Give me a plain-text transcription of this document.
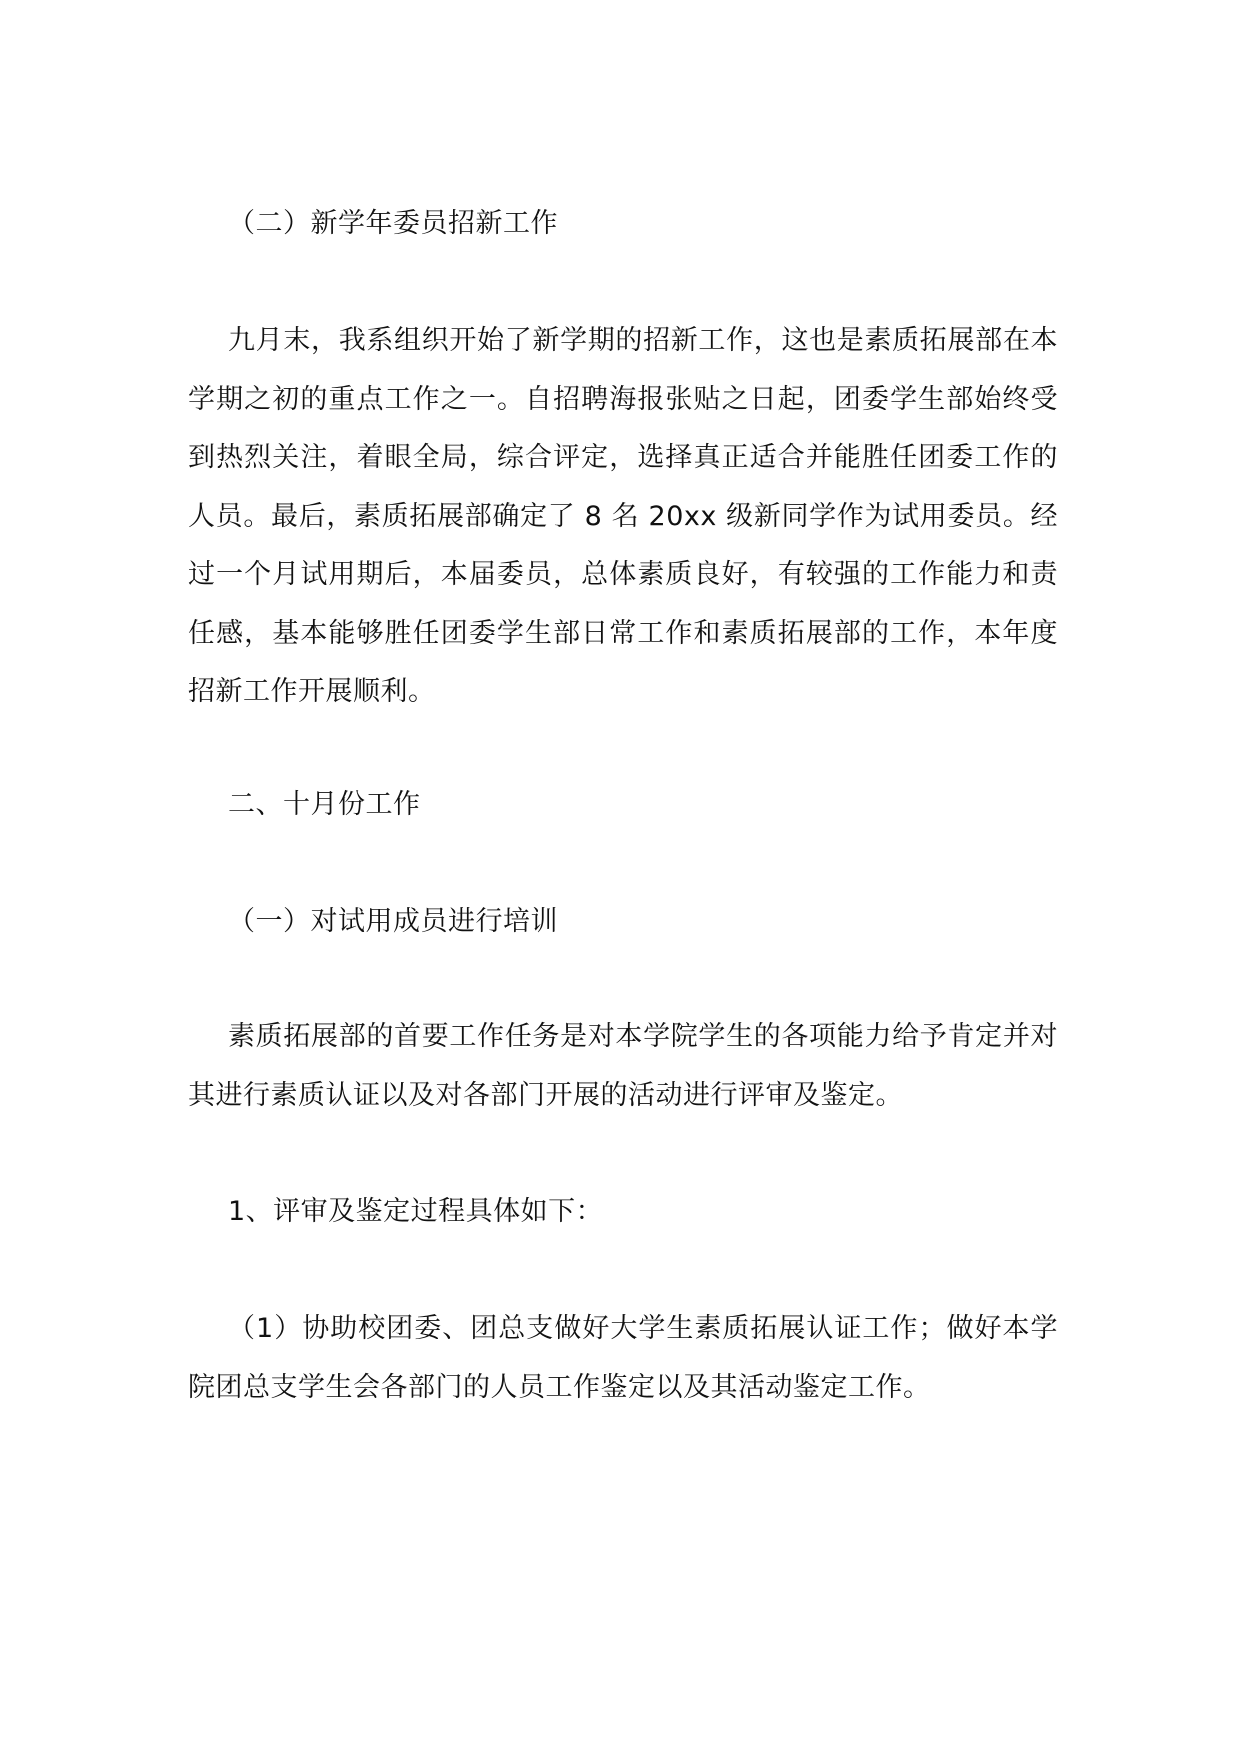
（二）新学年委员招新工作

九月末，我系组织开始了新学期的招新工作，这也是素质拓展部在本学期之初的重点工作之一。自招聘海报张贴之日起，团委学生部始终受到热烈关注，着眼全局，综合评定，选择真正适合并能胜任团委工作的人员。最后，素质拓展部确定了 8 名 20xx 级新同学作为试用委员。经过一个月试用期后，本届委员，总体素质良好，有较强的工作能力和责任感，基本能够胜任团委学生部日常工作和素质拓展部的工作，本年度招新工作开展顺利。

二、十月份工作

（一）对试用成员进行培训

素质拓展部的首要工作任务是对本学院学生的各项能力给予肯定并对其进行素质认证以及对各部门开展的活动进行评审及鉴定。

1、评审及鉴定过程具体如下：

（1）协助校团委、团总支做好大学生素质拓展认证工作；做好本学院团总支学生会各部门的人员工作鉴定以及其活动鉴定工作。
